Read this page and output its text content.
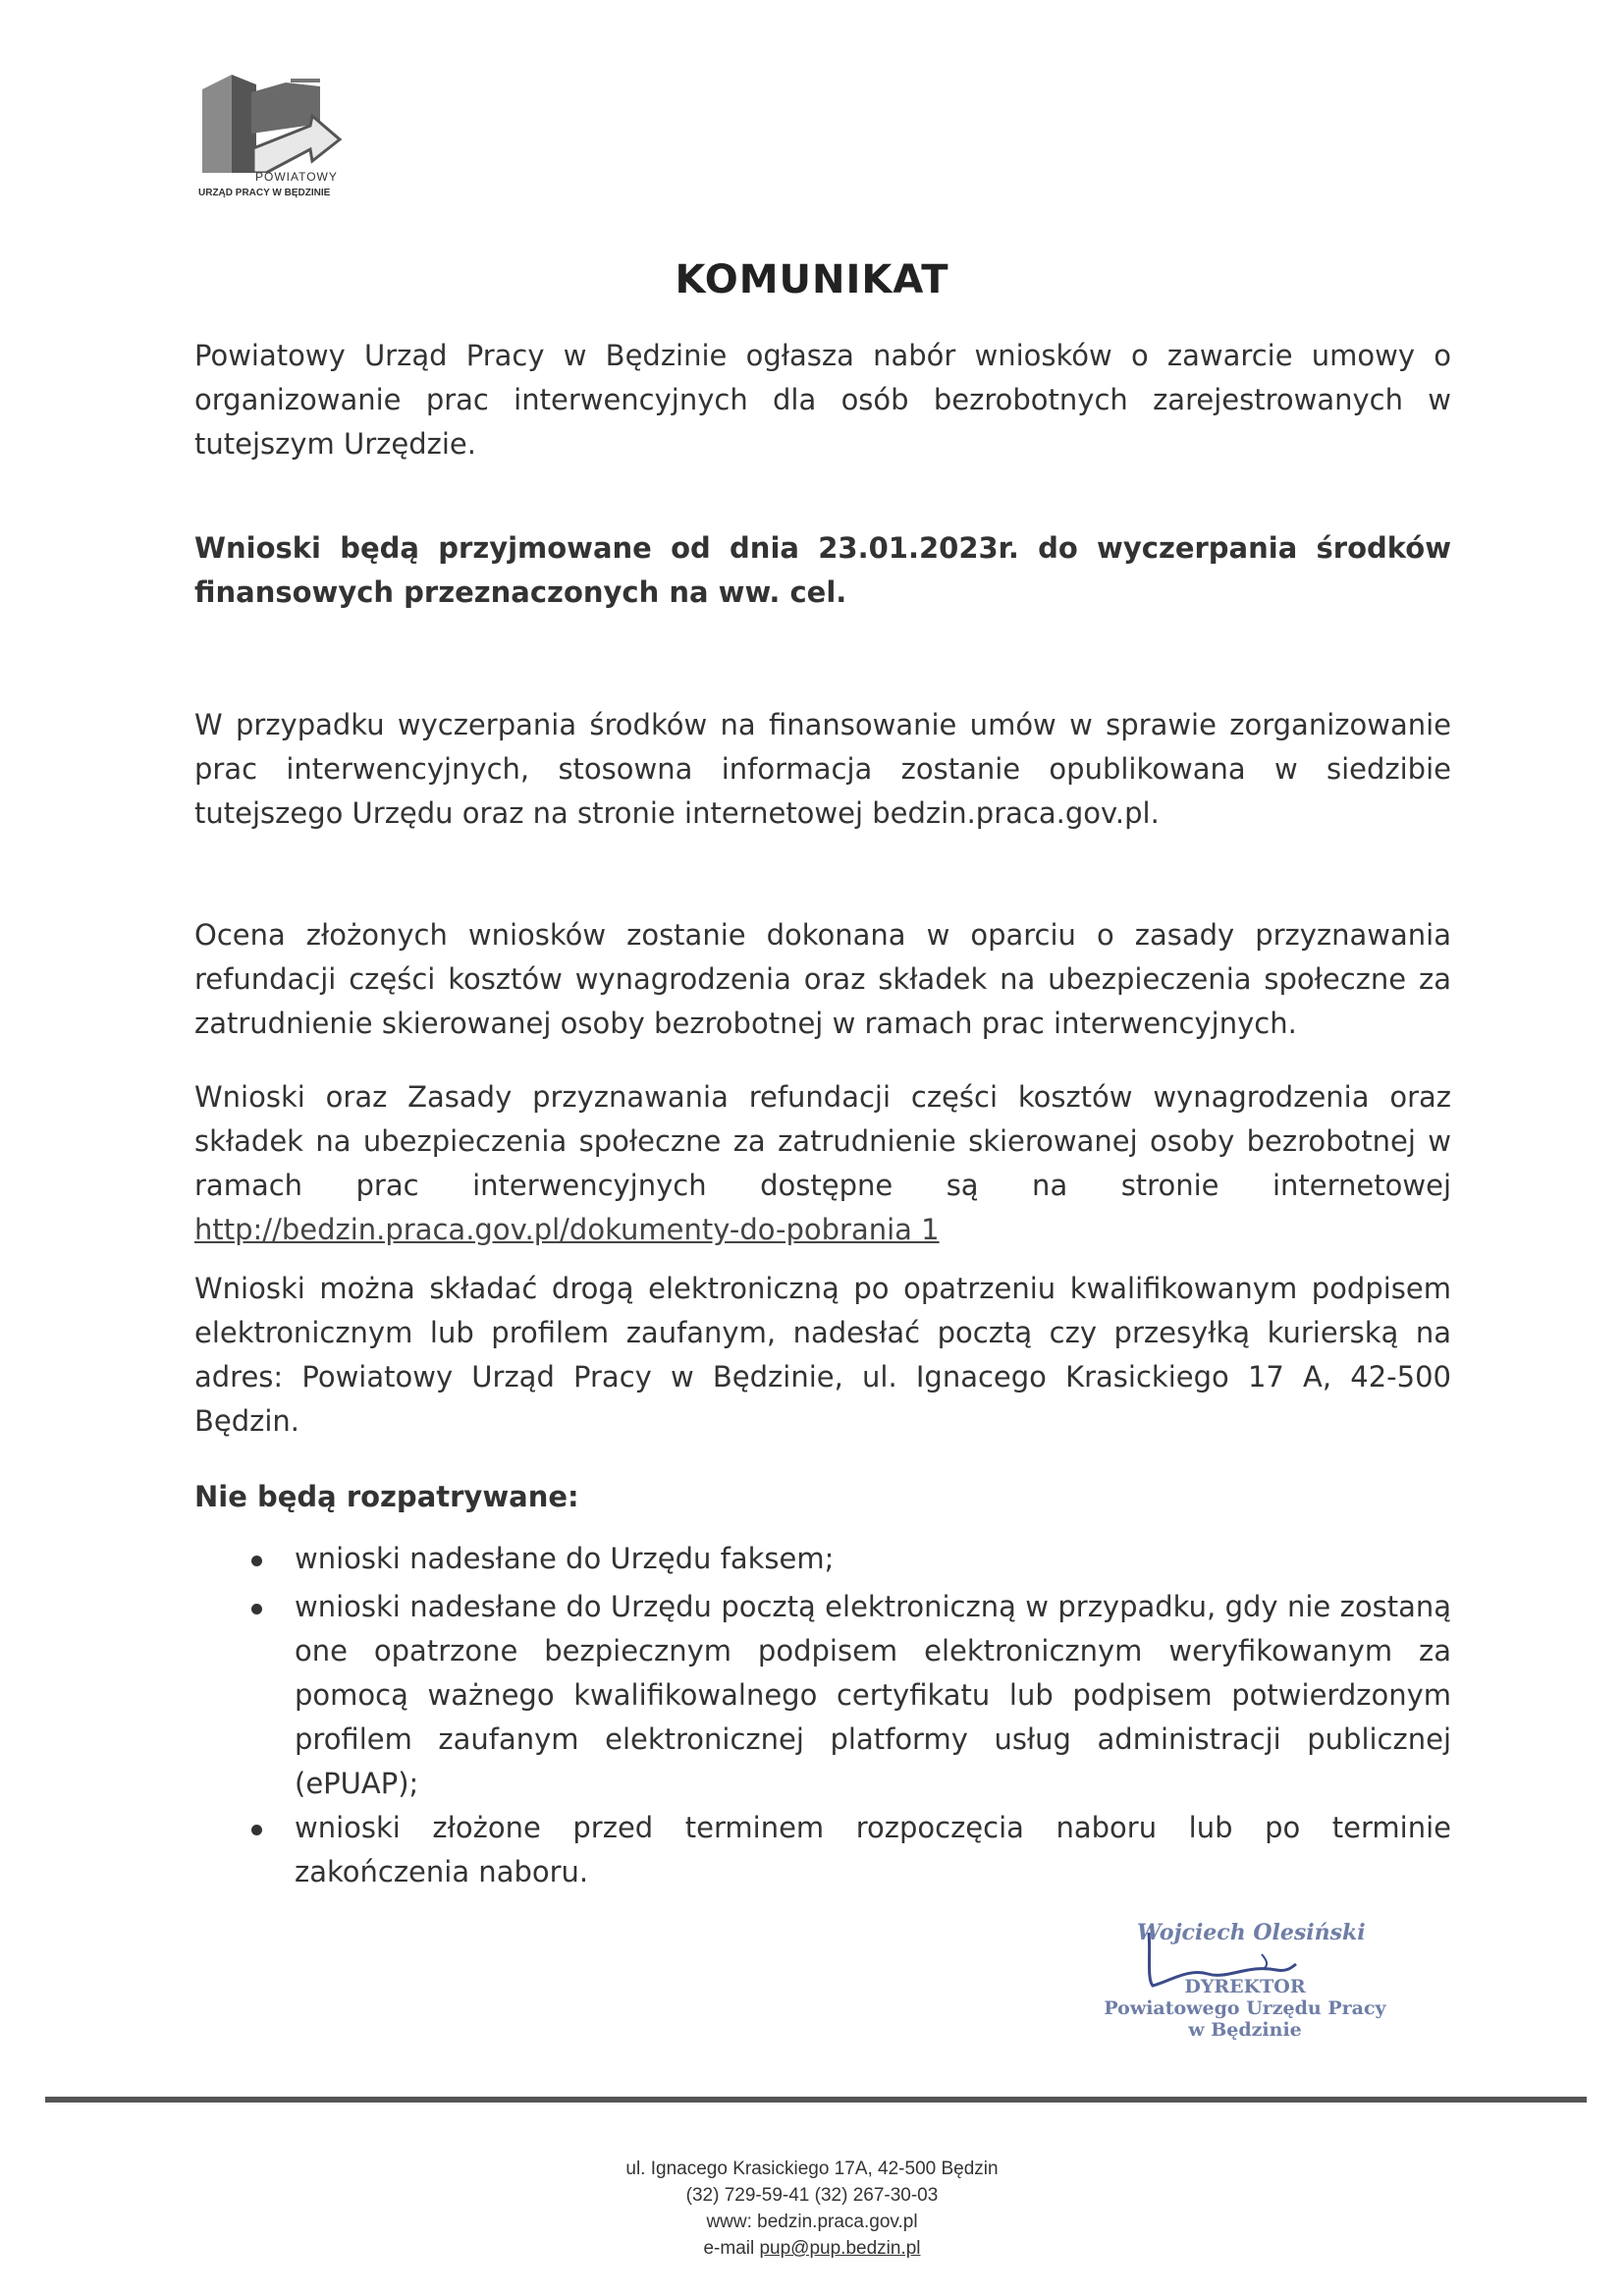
POWIATOWY
URZĄD PRACY W BĘDZINIE
KOMUNIKAT
Powiatowy Urząd Pracy w Będzinie ogłasza nabór wniosków o zawarcie umowy o organizowanie prac interwencyjnych dla osób bezrobotnych zarejestrowanych w tutejszym Urzędzie.
Wnioski będą przyjmowane od dnia 23.01.2023r. do wyczerpania środków finansowych przeznaczonych na ww. cel.
W przypadku wyczerpania środków na finansowanie umów w sprawie zorganizowanie prac interwencyjnych, stosowna informacja zostanie opublikowana w siedzibie tutejszego Urzędu oraz na stronie internetowej bedzin.praca.gov.pl.
Ocena złożonych wniosków zostanie dokonana w oparciu o zasady przyznawania refundacji części kosztów wynagrodzenia oraz składek na ubezpieczenia społeczne za zatrudnienie skierowanej osoby bezrobotnej w ramach prac interwencyjnych.
Wnioski oraz Zasady przyznawania refundacji części kosztów wynagrodzenia oraz składek na ubezpieczenia społeczne za zatrudnienie skierowanej osoby bezrobotnej w ramach prac interwencyjnych dostępne są na stronie internetowej http://bedzin.praca.gov.pl/dokumenty-do-pobrania 1
Wnioski można składać drogą elektroniczną po opatrzeniu kwalifikowanym podpisem elektronicznym lub profilem zaufanym, nadesłać pocztą czy przesyłką kurierską na adres: Powiatowy Urząd Pracy w Będzinie, ul. Ignacego Krasickiego 17 A, 42-500 Będzin.
Nie będą rozpatrywane:
wnioski nadesłane do Urzędu faksem;
wnioski nadesłane do Urzędu pocztą elektroniczną w przypadku, gdy nie zostaną one opatrzone bezpiecznym podpisem elektronicznym weryfikowanym za pomocą ważnego kwalifikowalnego certyfikatu lub podpisem potwierdzonym profilem zaufanym elektronicznej platformy usług administracji publicznej (ePUAP);
wnioski złożone przed terminem rozpoczęcia naboru lub po terminie zakończenia naboru.
Wojciech Olesiński
DYREKTOR
Powiatowego Urzędu Pracy
w Będzinie
ul. Ignacego Krasickiego 17A, 42-500 Będzin
(32) 729-59-41 (32) 267-30-03
www: bedzin.praca.gov.pl
e-mail pup@pup.bedzin.pl
